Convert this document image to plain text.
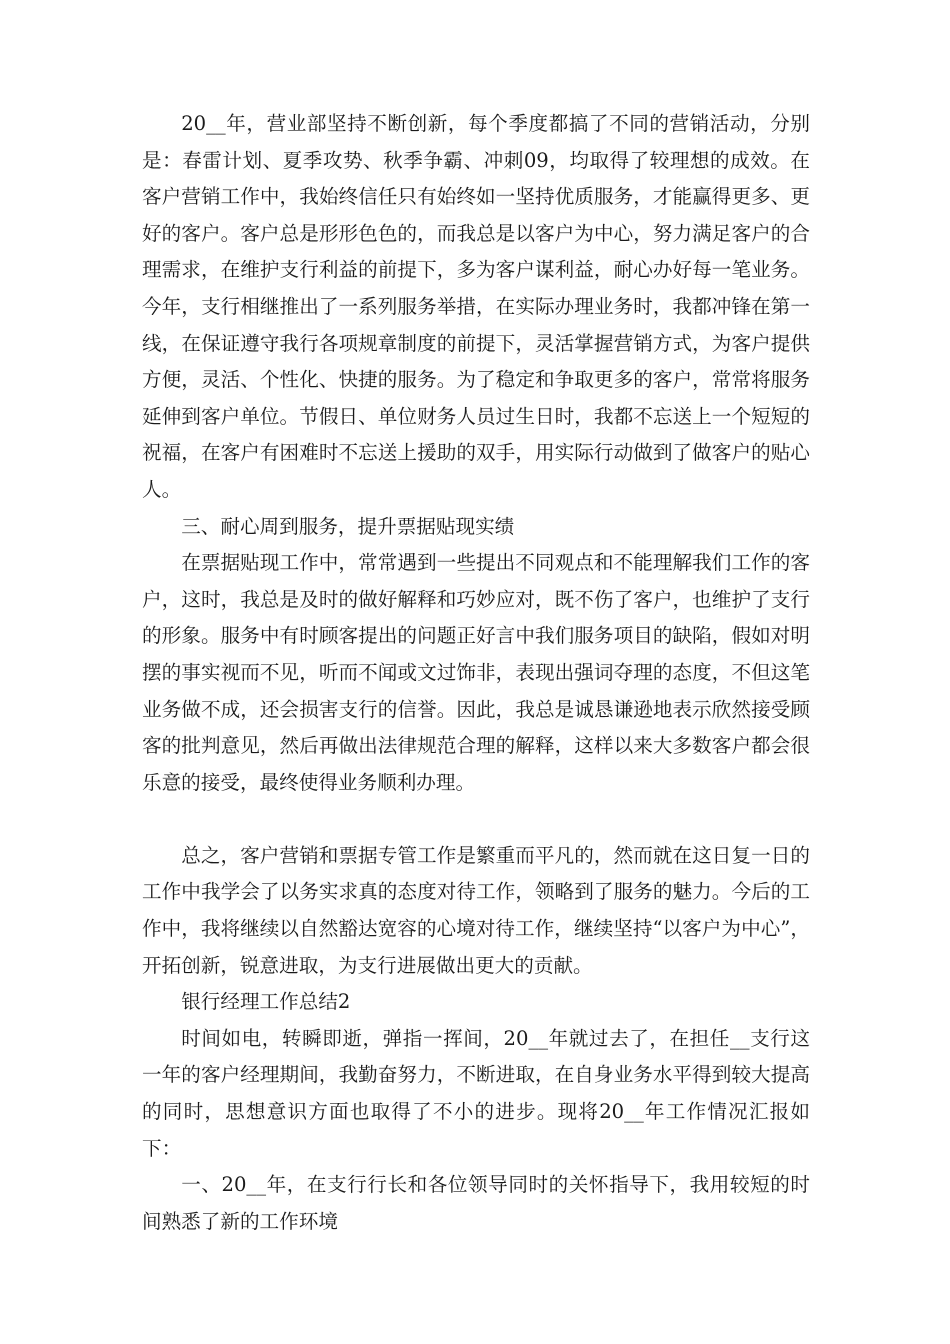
20__年，营业部坚持不断创新，每个季度都搞了不同的营销活动，分别是：春雷计划、夏季攻势、秋季争霸、冲刺09，均取得了较理想的成效。在客户营销工作中，我始终信任只有始终如一坚持优质服务，才能赢得更多、更好的客户。客户总是形形色色的，而我总是以客户为中心，努力满足客户的合理需求，在维护支行利益的前提下，多为客户谋利益，耐心办好每一笔业务。今年，支行相继推出了一系列服务举措，在实际办理业务时，我都冲锋在第一线，在保证遵守我行各项规章制度的前提下，灵活掌握营销方式，为客户提供方便，灵活、个性化、快捷的服务。为了稳定和争取更多的客户，常常将服务延伸到客户单位。节假日、单位财务人员过生日时，我都不忘送上一个短短的祝福，在客户有困难时不忘送上援助的双手，用实际行动做到了做客户的贴心人。

三、耐心周到服务，提升票据贴现实绩

在票据贴现工作中，常常遇到一些提出不同观点和不能理解我们工作的客户，这时，我总是及时的做好解释和巧妙应对，既不伤了客户，也维护了支行的形象。服务中有时顾客提出的问题正好言中我们服务项目的缺陷，假如对明摆的事实视而不见，听而不闻或文过饰非，表现出强词夺理的态度，不但这笔业务做不成，还会损害支行的信誉。因此，我总是诚恳谦逊地表示欣然接受顾客的批判意见，然后再做出法律规范合理的解释，这样以来大多数客户都会很乐意的接受，最终使得业务顺利办理。

总之，客户营销和票据专管工作是繁重而平凡的，然而就在这日复一日的工作中我学会了以务实求真的态度对待工作，领略到了服务的魅力。今后的工作中，我将继续以自然豁达宽容的心境对待工作，继续坚持“以客户为中心”，开拓创新，锐意进取，为支行进展做出更大的贡献。

银行经理工作总结2

时间如电，转瞬即逝，弹指一挥间，20__年就过去了，在担任__支行这一年的客户经理期间，我勤奋努力，不断进取，在自身业务水平得到较大提高的同时，思想意识方面也取得了不小的进步。现将20__年工作情况汇报如下：

一、20__年，在支行行长和各位领导同时的关怀指导下，我用较短的时间熟悉了新的工作环境
